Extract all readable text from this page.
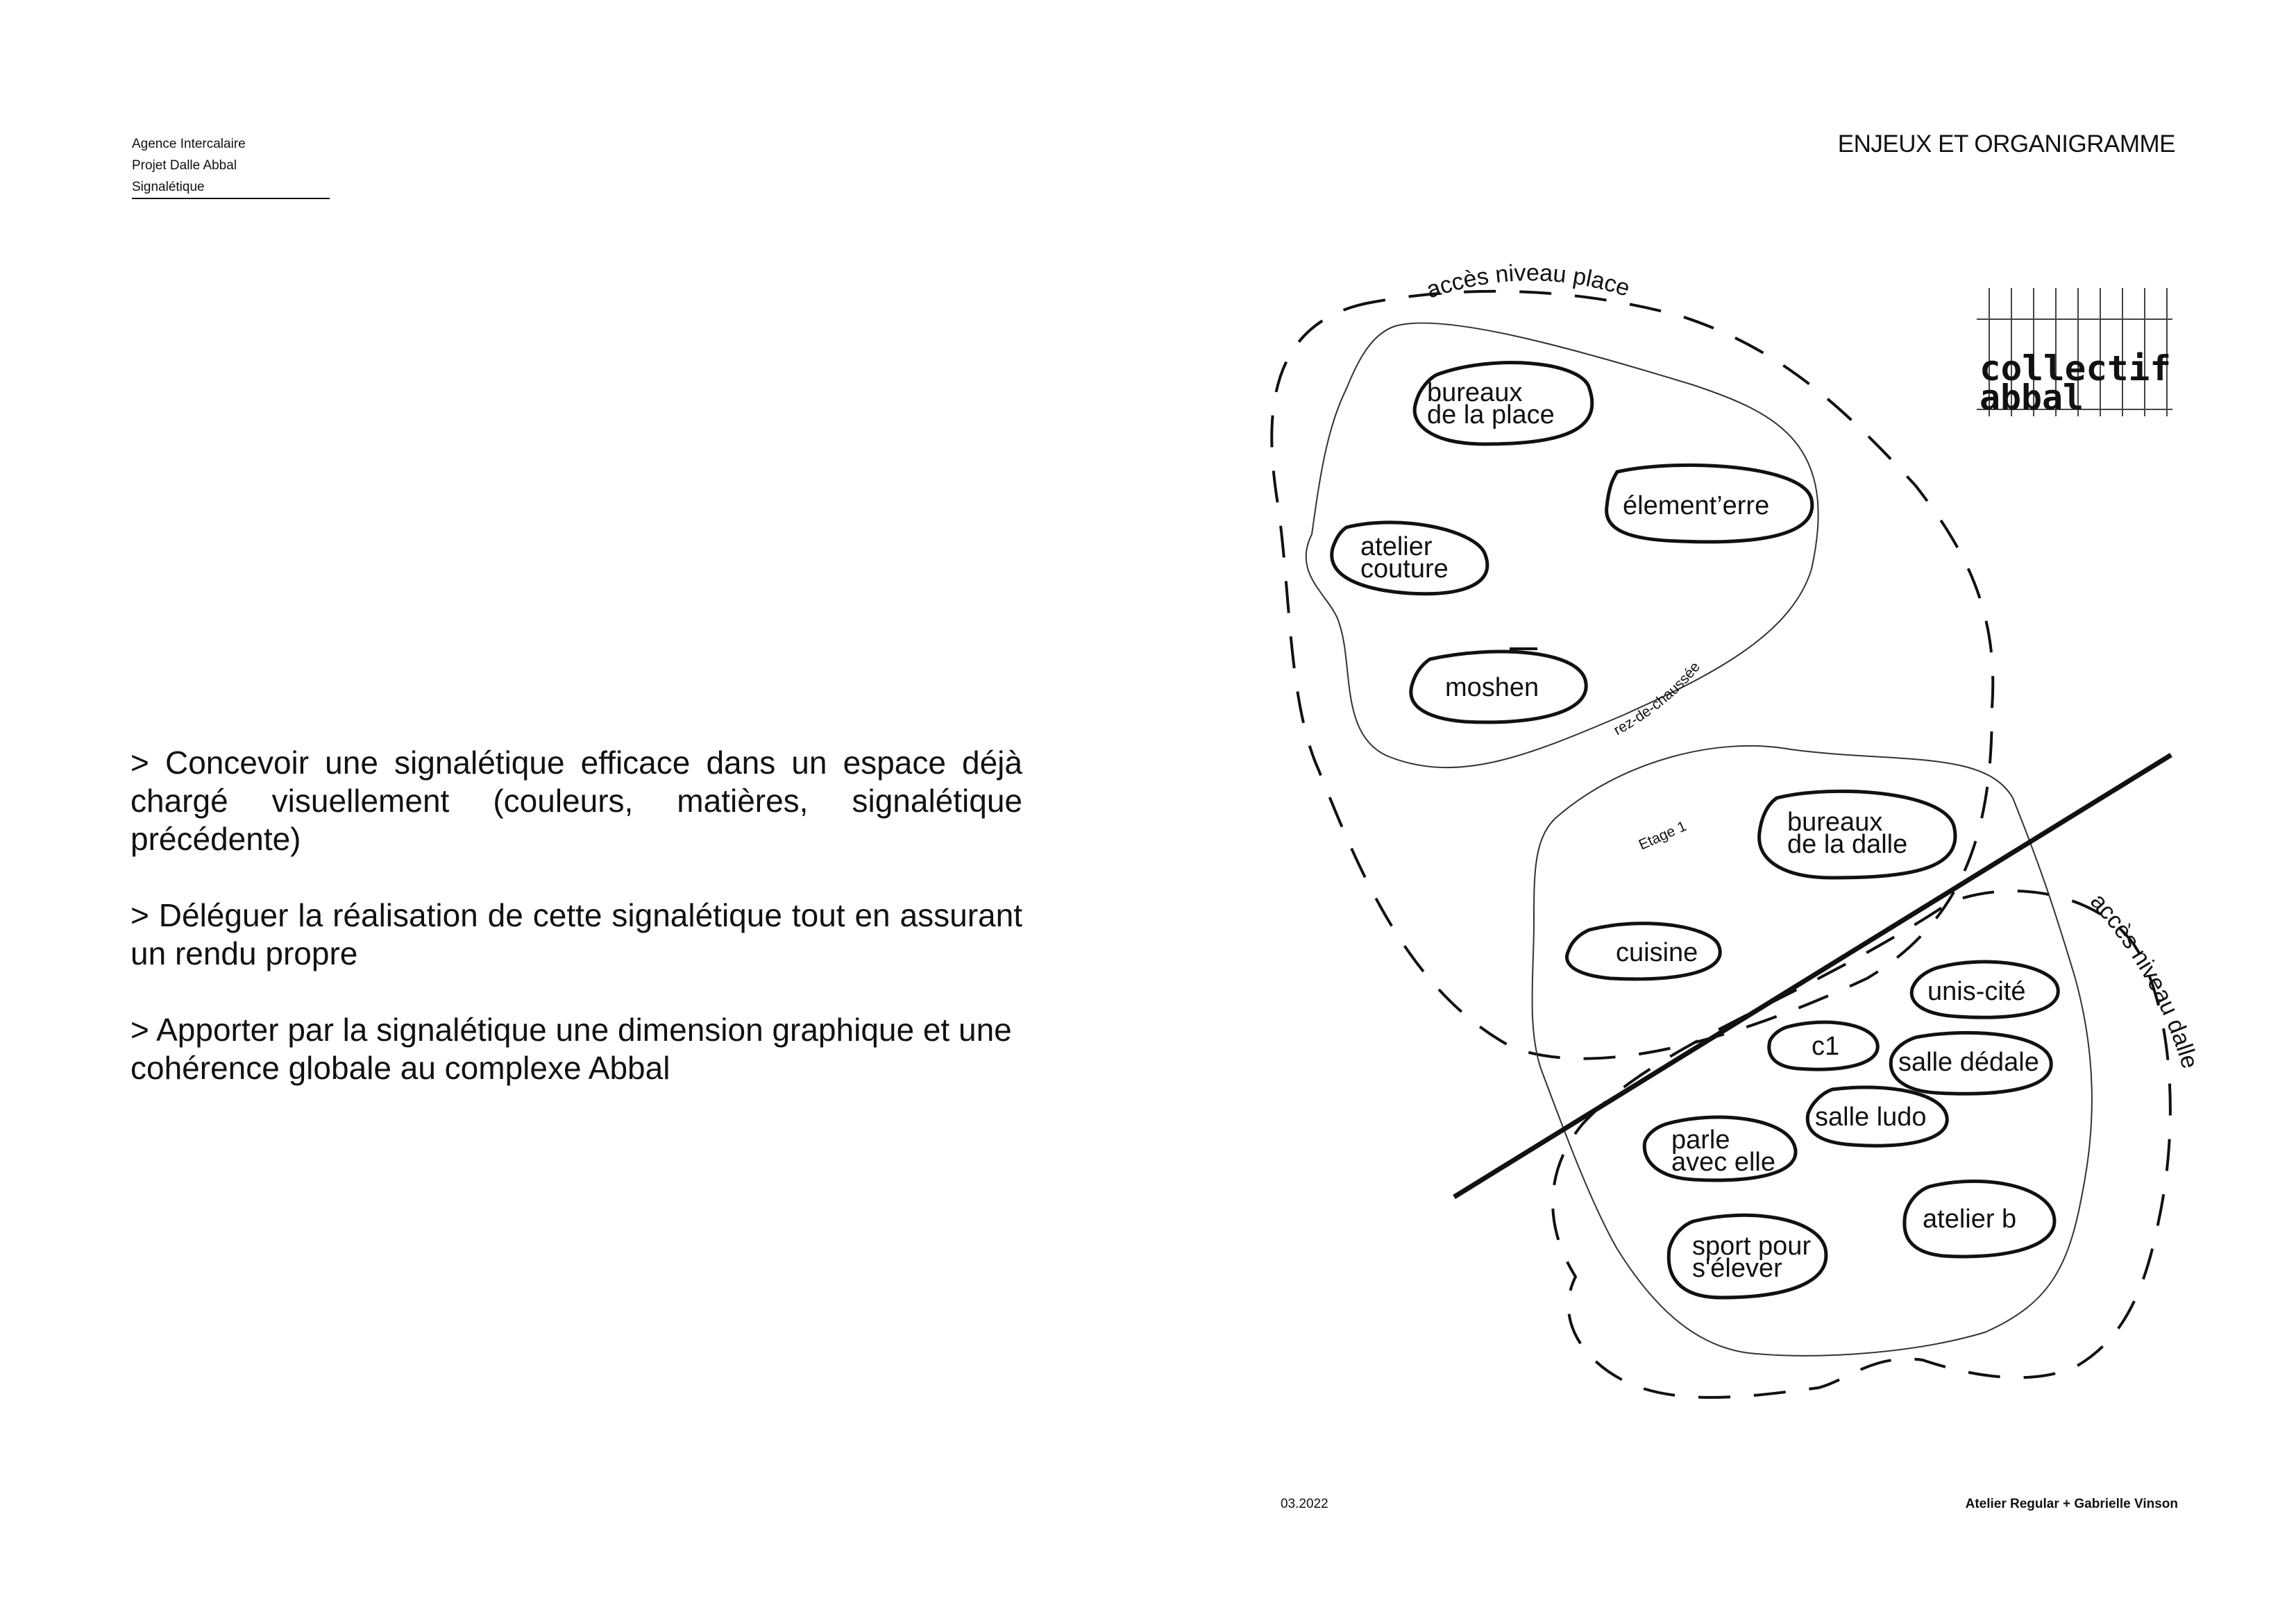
Agence Intercalaire
Projet Dalle Abbal
Signalétique
ENJEUX ET ORGANIGRAMME

> Concevoir une signalétique efficace dans un espace déjà chargé visuellement (couleurs, matières, signalétique précédente)

> Déléguer la réalisation de cette signalétique tout en assurant un rendu propre

> Apporter par la signalétique une dimension graphique et une cohérence globale au complexe Abbal

bureaux
de la place
élement’erre
atelier
couture
moshen
bureaux
de la dalle
cuisine
unis-cité
c1
salle dédale
salle ludo
parle
avec elle
atelier b
sport pour
s'élever
accès niveau place
accès niveau dalle
rez-de-chaussée
Etage 1
collectif
abbal
03.2022	Atelier Regular + Gabrielle Vinson
